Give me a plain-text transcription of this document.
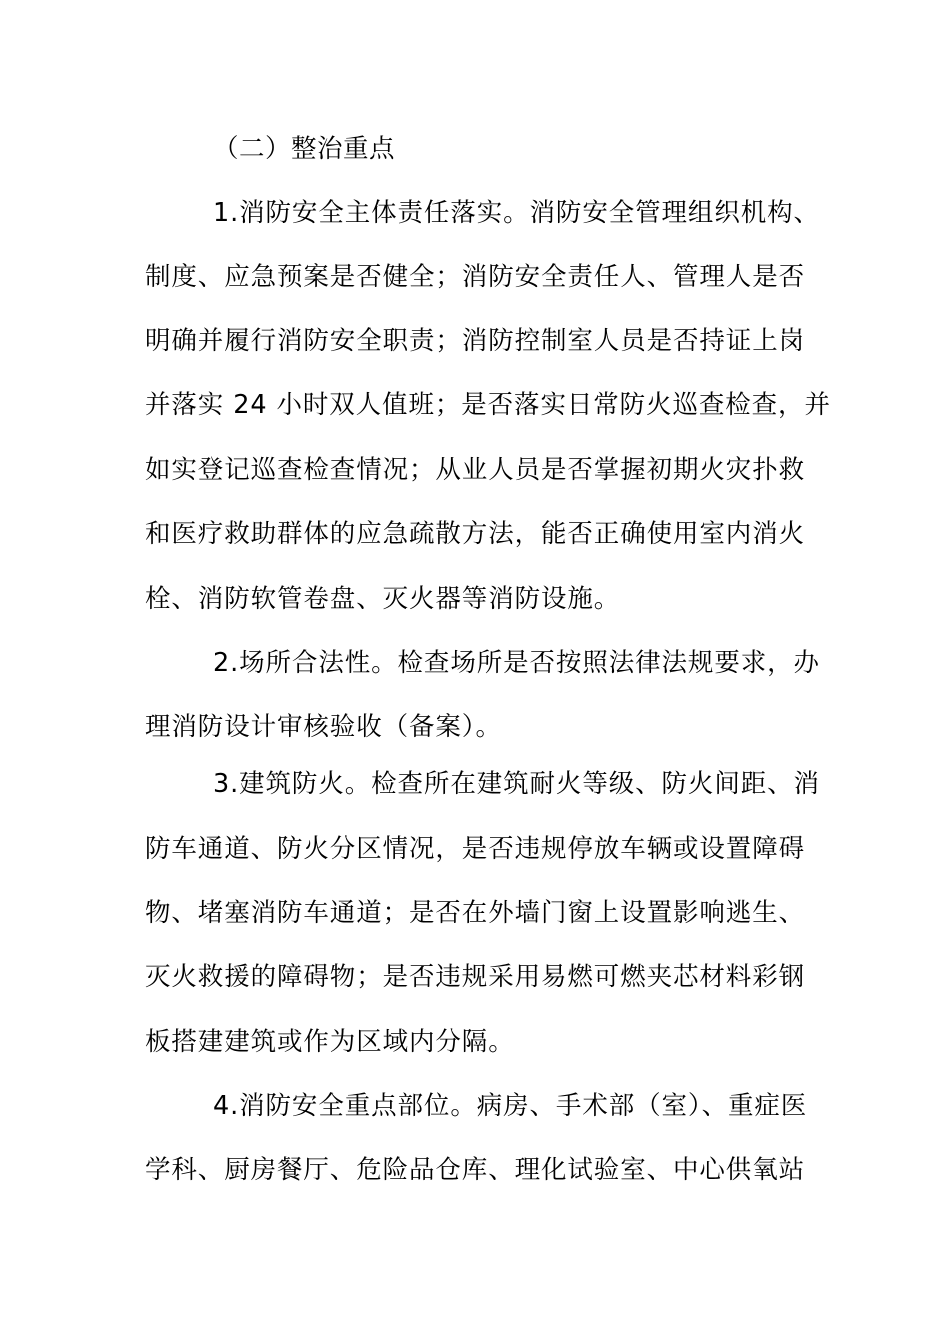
（二）整治重点
1.消防安全主体责任落实。消防安全管理组织机构、
制度、应急预案是否健全；消防安全责任人、管理人是否
明确并履行消防安全职责；消防控制室人员是否持证上岗
并落实 24 小时双人值班；是否落实日常防火巡查检查，并
如实登记巡查检查情况；从业人员是否掌握初期火灾扑救
和医疗救助群体的应急疏散方法，能否正确使用室内消火
栓、消防软管卷盘、灭火器等消防设施。
2.场所合法性。检查场所是否按照法律法规要求，办
理消防设计审核验收（备案）。
3.建筑防火。检查所在建筑耐火等级、防火间距、消
防车通道、防火分区情况，是否违规停放车辆或设置障碍
物、堵塞消防车通道；是否在外墙门窗上设置影响逃生、
灭火救援的障碍物；是否违规采用易燃可燃夹芯材料彩钢
板搭建建筑或作为区域内分隔。
4.消防安全重点部位。病房、手术部（室）、重症医
学科、厨房餐厅、危险品仓库、理化试验室、中心供氧站
